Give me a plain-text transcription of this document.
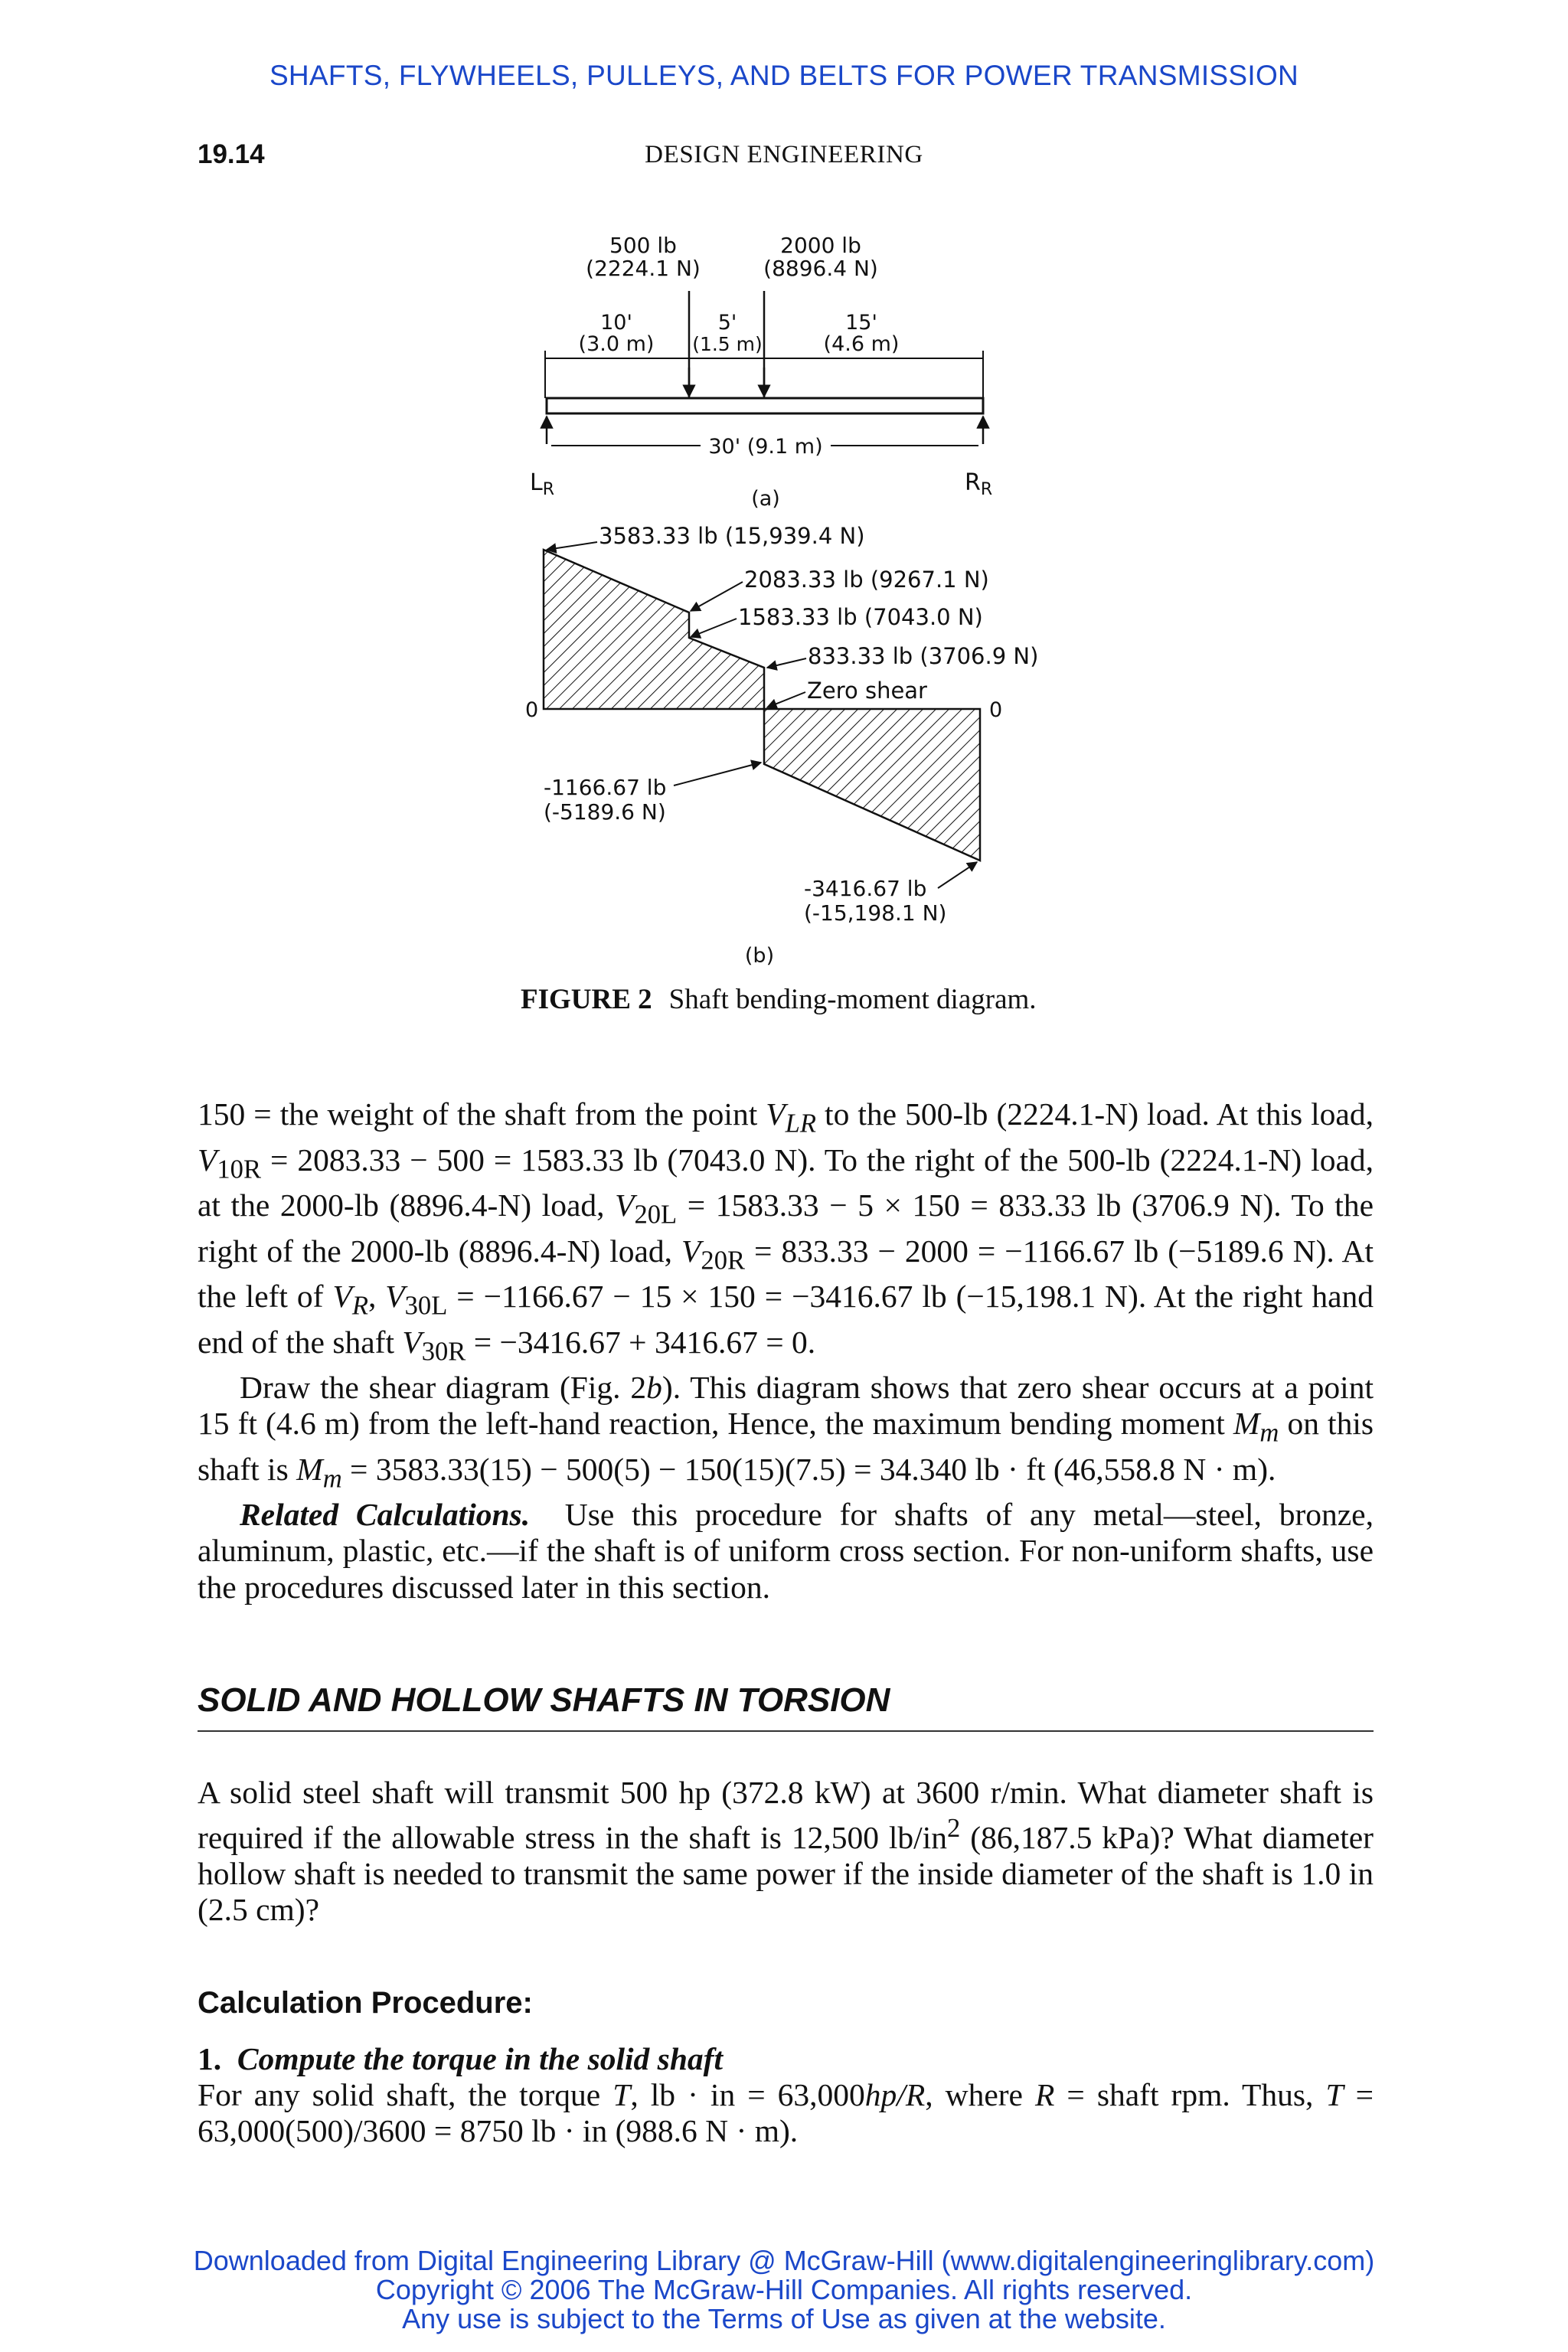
SHAFTS, FLYWHEELS, PULLEYS, AND BELTS FOR POWER TRANSMISSION
19.14	DESIGN ENGINEERING
500 lb
(2224.1 N)
2000 lb
(8896.4 N)
10'
(3.0 m)
5'
(1.5 m)
15'
(4.6 m)
30' (9.1 m)
$L_R$	$R_R$
(a)
0	0
3583.33 lb (15,939.4 N)
2083.33 lb (9267.1 N)
1583.33 lb (7043.0 N)
833.33 lb (3706.9 N)
Zero shear
-1166.67 lb
(-5189.6 N)
-3416.67 lb
(-15,198.1 N)
(b)
FIGURE 2 Shaft bending-moment diagram.

150 = the weight of the shaft from the point $V_{LR}$ to the 500-lb (2224.1-N) load. At this load, $V_{10R} = 2083.33 - 500 = 1583.33$ lb (7043.0 N). To the right of the 500-lb (2224.1-N) load, at the 2000-lb (8896.4-N) load, $V_{20L} = 1583.33 - 5 \times 150 = 833.33$ lb (3706.9 N). To the right of the 2000-lb (8896.4-N) load, $V_{20R} = 833.33 - 2000 = -1166.67$ lb (−5189.6 N). At the left of $V_R$, $V_{30L} = -1166.67 - 15 \times 150 = -3416.67$ lb (−15,198.1 N). At the right hand end of the shaft $V_{30R} = -3416.67 + 3416.67 = 0$.

Draw the shear diagram (Fig. 2b). This diagram shows that zero shear occurs at a point 15 ft (4.6 m) from the left-hand reaction, Hence, the maximum bending moment $M_m$ on this shaft is $M_m = 3583.33(15) - 500(5) - 150(15)(7.5) = 34.340$ lb · ft (46,558.8 N · m).

Related Calculations. Use this procedure for shafts of any metal—steel, bronze, aluminum, plastic, etc.—if the shaft is of uniform cross section. For non-uniform shafts, use the procedures discussed later in this section.

SOLID AND HOLLOW SHAFTS IN TORSION

A solid steel shaft will transmit 500 hp (372.8 kW) at 3600 r/min. What diameter shaft is required if the allowable stress in the shaft is 12,500 $lb/in^2$ (86,187.5 kPa)? What diameter hollow shaft is needed to transmit the same power if the inside diameter of the shaft is 1.0 in (2.5 cm)?

Calculation Procedure:

1. Compute the torque in the solid shaft

For any solid shaft, the torque T, lb · in = 63,000hp/R, where R = shaft rpm. Thus, T = 63,000(500)/3600 = 8750 lb · in (988.6 N · m).

Downloaded from Digital Engineering Library @ McGraw-Hill (www.digitalengineeringlibrary.com)
Copyright © 2006 The McGraw-Hill Companies. All rights reserved.
Any use is subject to the Terms of Use as given at the website.
